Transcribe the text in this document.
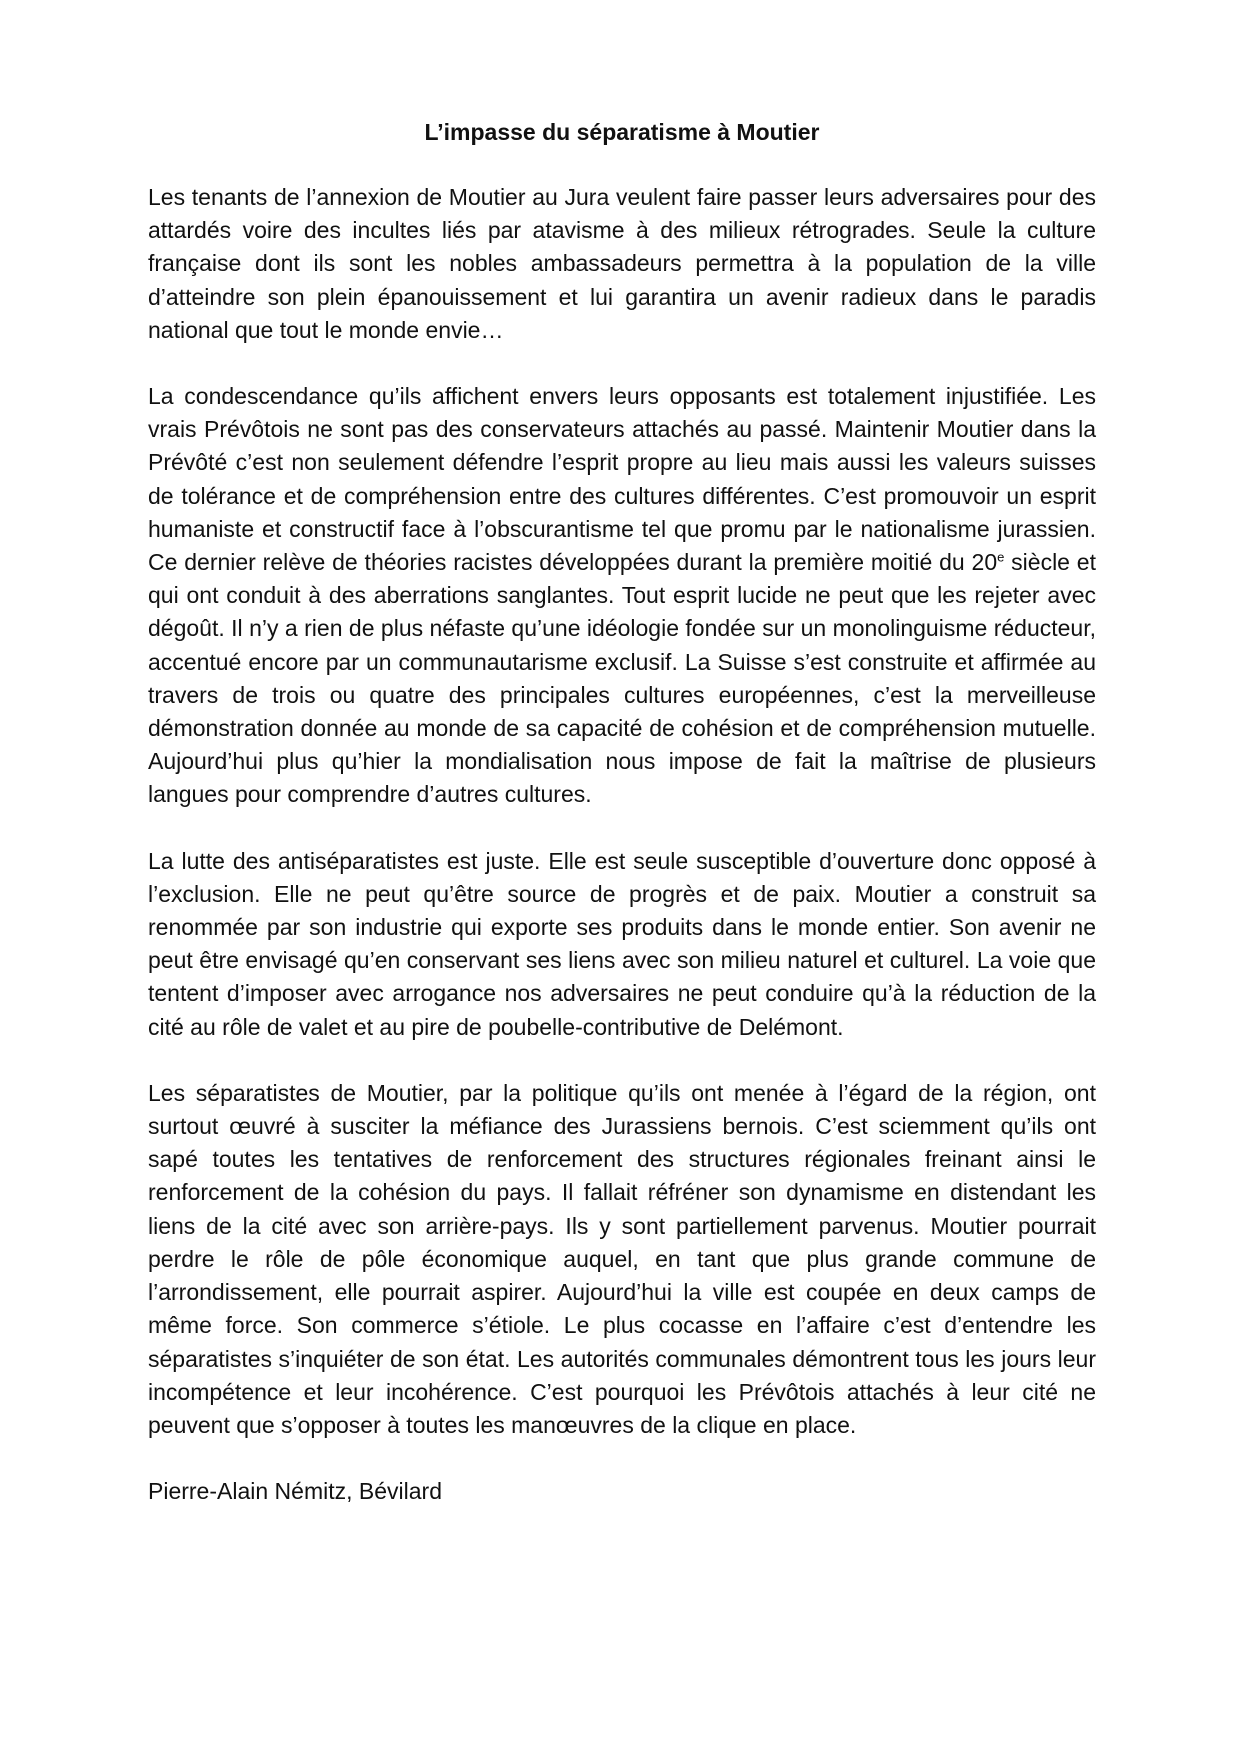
L’impasse du séparatisme à Moutier

Les tenants de l’annexion de Moutier au Jura veulent faire passer leurs adversaires pour des attardés voire des incultes liés par atavisme à des milieux rétrogrades. Seule la culture française dont ils sont les nobles ambassadeurs permettra à la population de la ville d’atteindre son plein épanouissement et lui garantira un avenir radieux dans le paradis national que tout le monde envie…

La condescendance qu’ils affichent envers leurs opposants est totalement injustifiée. Les vrais Prévôtois ne sont pas des conservateurs attachés au passé. Maintenir Moutier dans la Prévôté c’est non seulement défendre l’esprit propre au lieu mais aussi les valeurs suisses de tolérance et de compréhension entre des cultures différentes. C’est promouvoir un esprit humaniste et constructif face à l’obscurantisme tel que promu par le nationalisme jurassien. Ce dernier relève de théories racistes développées durant la première moitié du 20e siècle et qui ont conduit à des aberrations sanglantes. Tout esprit lucide ne peut que les rejeter avec dégoût. Il n’y a rien de plus néfaste qu’une idéologie fondée sur un monolinguisme réducteur, accentué encore par un communautarisme exclusif. La Suisse s’est construite et affirmée au travers de trois ou quatre des principales cultures européennes, c’est la merveilleuse démonstration donnée au monde de sa capacité de cohésion et de compréhension mutuelle. Aujourd’hui plus qu’hier la mondialisation nous impose de fait la maîtrise de plusieurs langues pour comprendre d’autres cultures.

La lutte des antiséparatistes est juste. Elle est seule susceptible d’ouverture donc opposé à l’exclusion. Elle ne peut qu’être source de progrès et de paix. Moutier a construit sa renommée par son industrie qui exporte ses produits dans le monde entier. Son avenir ne peut être envisagé qu’en conservant ses liens avec son milieu naturel et culturel. La voie que tentent d’imposer avec arrogance nos adversaires ne peut conduire qu’à la réduction de la cité au rôle de valet et au pire de poubelle-contributive de Delémont.

Les séparatistes de Moutier, par la politique qu’ils ont menée à l’égard de la région, ont surtout œuvré à susciter la méfiance des Jurassiens bernois. C’est sciemment qu’ils ont sapé toutes les tentatives de renforcement des structures régionales freinant ainsi le renforcement de la cohésion du pays. Il fallait réfréner son dynamisme en distendant les liens de la cité avec son arrière-pays. Ils y sont partiellement parvenus. Moutier pourrait perdre le rôle de pôle économique auquel, en tant que plus grande commune de l’arrondissement, elle pourrait aspirer. Aujourd’hui la ville est coupée en deux camps de même force. Son commerce s’étiole. Le plus cocasse en l’affaire c’est d’entendre les séparatistes s’inquiéter de son état. Les autorités communales démontrent tous les jours leur incompétence et leur incohérence. C’est pourquoi les Prévôtois attachés à leur cité ne peuvent que s’opposer à toutes les manœuvres de la clique en place.

Pierre-Alain Némitz, Bévilard
